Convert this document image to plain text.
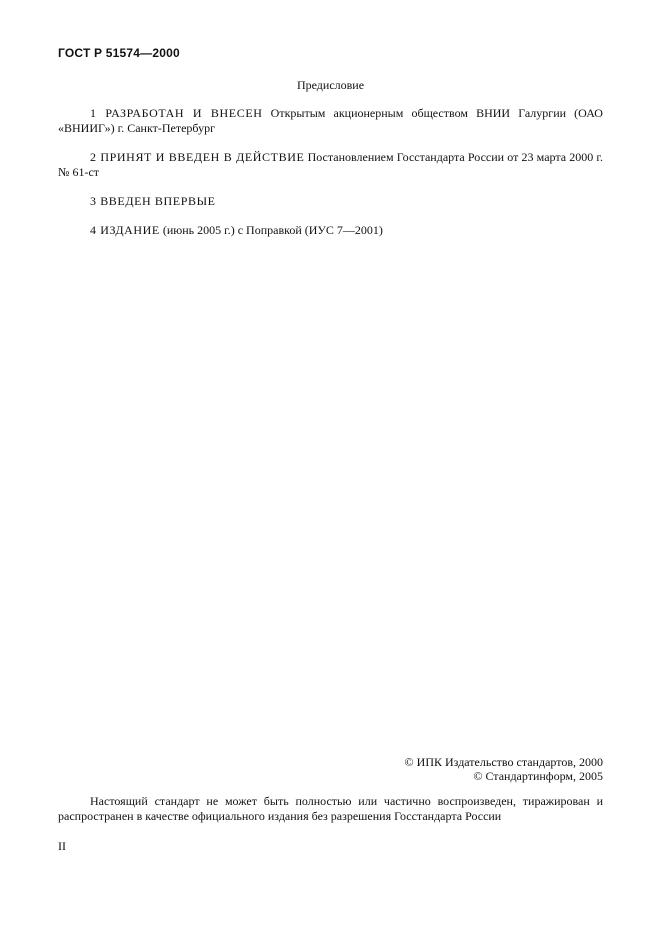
ГОСТ Р 51574—2000
Предисловие

1 РАЗРАБОТАН И ВНЕСЕН Открытым акционерным обществом ВНИИ Галургии (ОАО «ВНИИГ») г. Санкт-Петербург

2 ПРИНЯТ И ВВЕДЕН В ДЕЙСТВИЕ Постановлением Госстандарта России от 23 марта 2000 г. № 61-ст

3 ВВЕДЕН ВПЕРВЫЕ

4 ИЗДАНИЕ (июнь 2005 г.) с Поправкой (ИУС 7—2001)

© ИПК Издательство стандартов, 2000
© Стандартинформ, 2005
Настоящий стандарт не может быть полностью или частично воспроизведен, тиражирован и распространен в качестве официального издания без разрешения Госстандарта России
II
